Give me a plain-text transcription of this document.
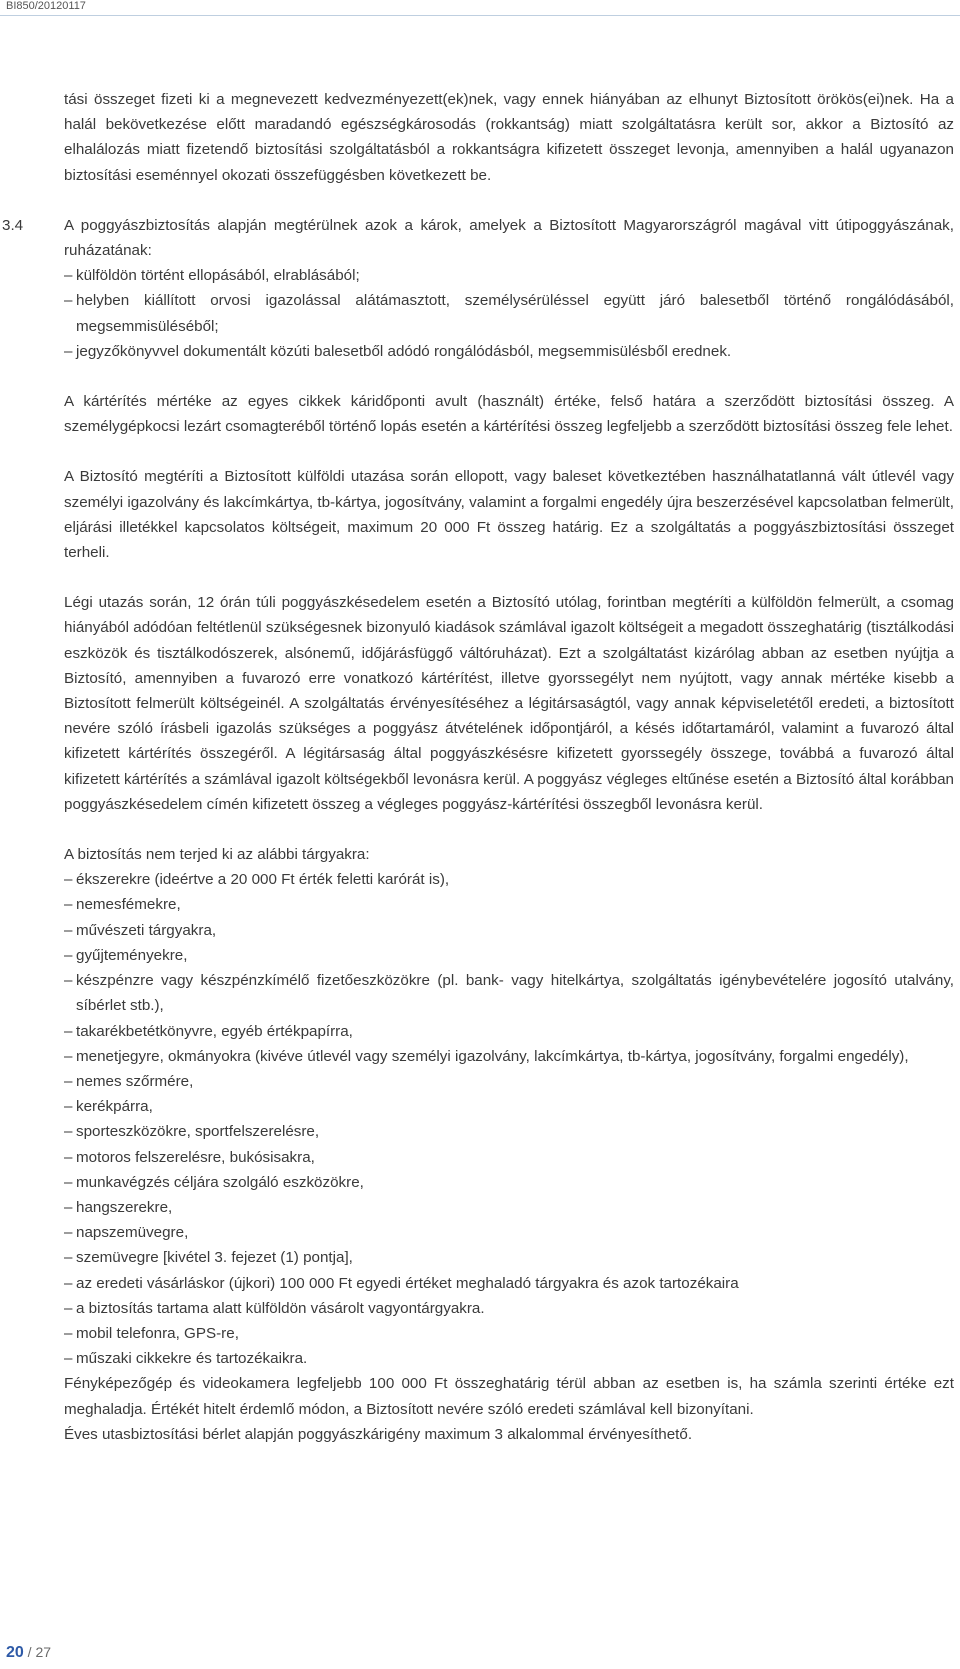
BI850/20120117

tási összeget fizeti ki a megnevezett kedvezményezett(ek)nek, vagy ennek hiányában az elhunyt Biztosított örökös(ei)nek. Ha a halál bekövetkezése előtt maradandó egészségkárosodás (rokkantság) miatt szolgáltatásra került sor, akkor a Biztosító az elhalálozás miatt fizetendő biztosítási szolgáltatásból a rokkantságra kifizetett összeget levonja, amennyiben a halál ugyanazon biztosítási eseménnyel okozati összefüggésben következett be.

3.4	A poggyászbiztosítás alapján megtérülnek azok a károk, amelyek a Biztosított Magyarországról magával vitt útipoggyászának, ruházatának:

– külföldön történt ellopásából, elrablásából;

– helyben kiállított orvosi igazolással alátámasztott, személysérüléssel együtt járó balesetből történő rongálódásából, megsemmisüléséből;

– jegyzőkönyvvel dokumentált közúti balesetből adódó rongálódásból, megsemmisülésből erednek.

A kártérítés mértéke az egyes cikkek káridőponti avult (használt) értéke, felső határa a szerződött biztosítási összeg. A személygépkocsi lezárt csomagteréből történő lopás esetén a kártérítési összeg legfeljebb a szerződött biztosítási összeg fele lehet.

A Biztosító megtéríti a Biztosított külföldi utazása során ellopott, vagy baleset következtében használhatatlanná vált útlevél vagy személyi igazolvány és lakcímkártya, tb-kártya, jogosítvány, valamint a forgalmi engedély újra beszerzésével kapcsolatban felmerült, eljárási illetékkel kapcsolatos költségeit, maximum 20 000 Ft összeg határig. Ez a szolgáltatás a poggyászbiztosítási összeget terheli.

Légi utazás során, 12 órán túli poggyászkésedelem esetén a Biztosító utólag, forintban megtéríti a külföldön felmerült, a csomag hiányából adódóan feltétlenül szükségesnek bizonyuló kiadások számlával igazolt költségeit a megadott összeghatárig (tisztálkodási eszközök és tisztálkodószerek, alsónemű, időjárásfüggő váltóruházat). Ezt a szolgáltatást kizárólag abban az esetben nyújtja a Biztosító, amennyiben a fuvarozó erre vonatkozó kártérítést, illetve gyorssegélyt nem nyújtott, vagy annak mértéke kisebb a Biztosított felmerült költségeinél. A szolgáltatás érvényesítéséhez a légitársaságtól, vagy annak képviseletétől eredeti, a biztosított nevére szóló írásbeli igazolás szükséges a poggyász átvételének időpontjáról, a késés időtartamáról, valamint a fuvarozó által kifizetett kártérítés összegéről. A légitársaság által poggyászkésésre kifizetett gyorssegély összege, továbbá a fuvarozó által kifizetett kártérítés a számlával igazolt költségekből levonásra kerül. A poggyász végleges eltűnése esetén a Biztosító által korábban poggyászkésedelem címén kifizetett összeg a végleges poggyász-kártérítési összegből levonásra kerül.

A biztosítás nem terjed ki az alábbi tárgyakra:

– ékszerekre (ideértve a 20 000 Ft érték feletti karórát is),

– nemesfémekre,

– művészeti tárgyakra,

– gyűjteményekre,

– készpénzre vagy készpénzkímélő fizetőeszközökre (pl. bank- vagy hitelkártya, szolgáltatás igénybevételére jogosító utalvány, síbérlet stb.),

– takarékbetétkönyvre, egyéb értékpapírra,

– menetjegyre, okmányokra (kivéve útlevél vagy személyi igazolvány, lakcímkártya, tb-kártya, jogosítvány, forgalmi engedély),

– nemes szőrmére,

– kerékpárra,

– sporteszközökre, sportfelszerelésre,

– motoros felszerelésre, bukósisakra,

– munkavégzés céljára szolgáló eszközökre,

– hangszerekre,

– napszemüvegre,

– szemüvegre [kivétel 3. fejezet (1) pontja],

– az eredeti vásárláskor (újkori) 100 000 Ft egyedi értéket meghaladó tárgyakra és azok tartozékaira

– a biztosítás tartama alatt külföldön vásárolt vagyontárgyakra.

– mobil telefonra, GPS-re,

– műszaki cikkekre és tartozékaikra.

Fényképezőgép és videokamera legfeljebb 100 000 Ft összeghatárig térül abban az esetben is, ha számla szerinti értéke ezt meghaladja. Értékét hitelt érdemlő módon, a Biztosított nevére szóló eredeti számlával kell bizonyítani.

Éves utasbiztosítási bérlet alapján poggyászkárigény maximum 3 alkalommal érvényesíthető.

20 / 27
